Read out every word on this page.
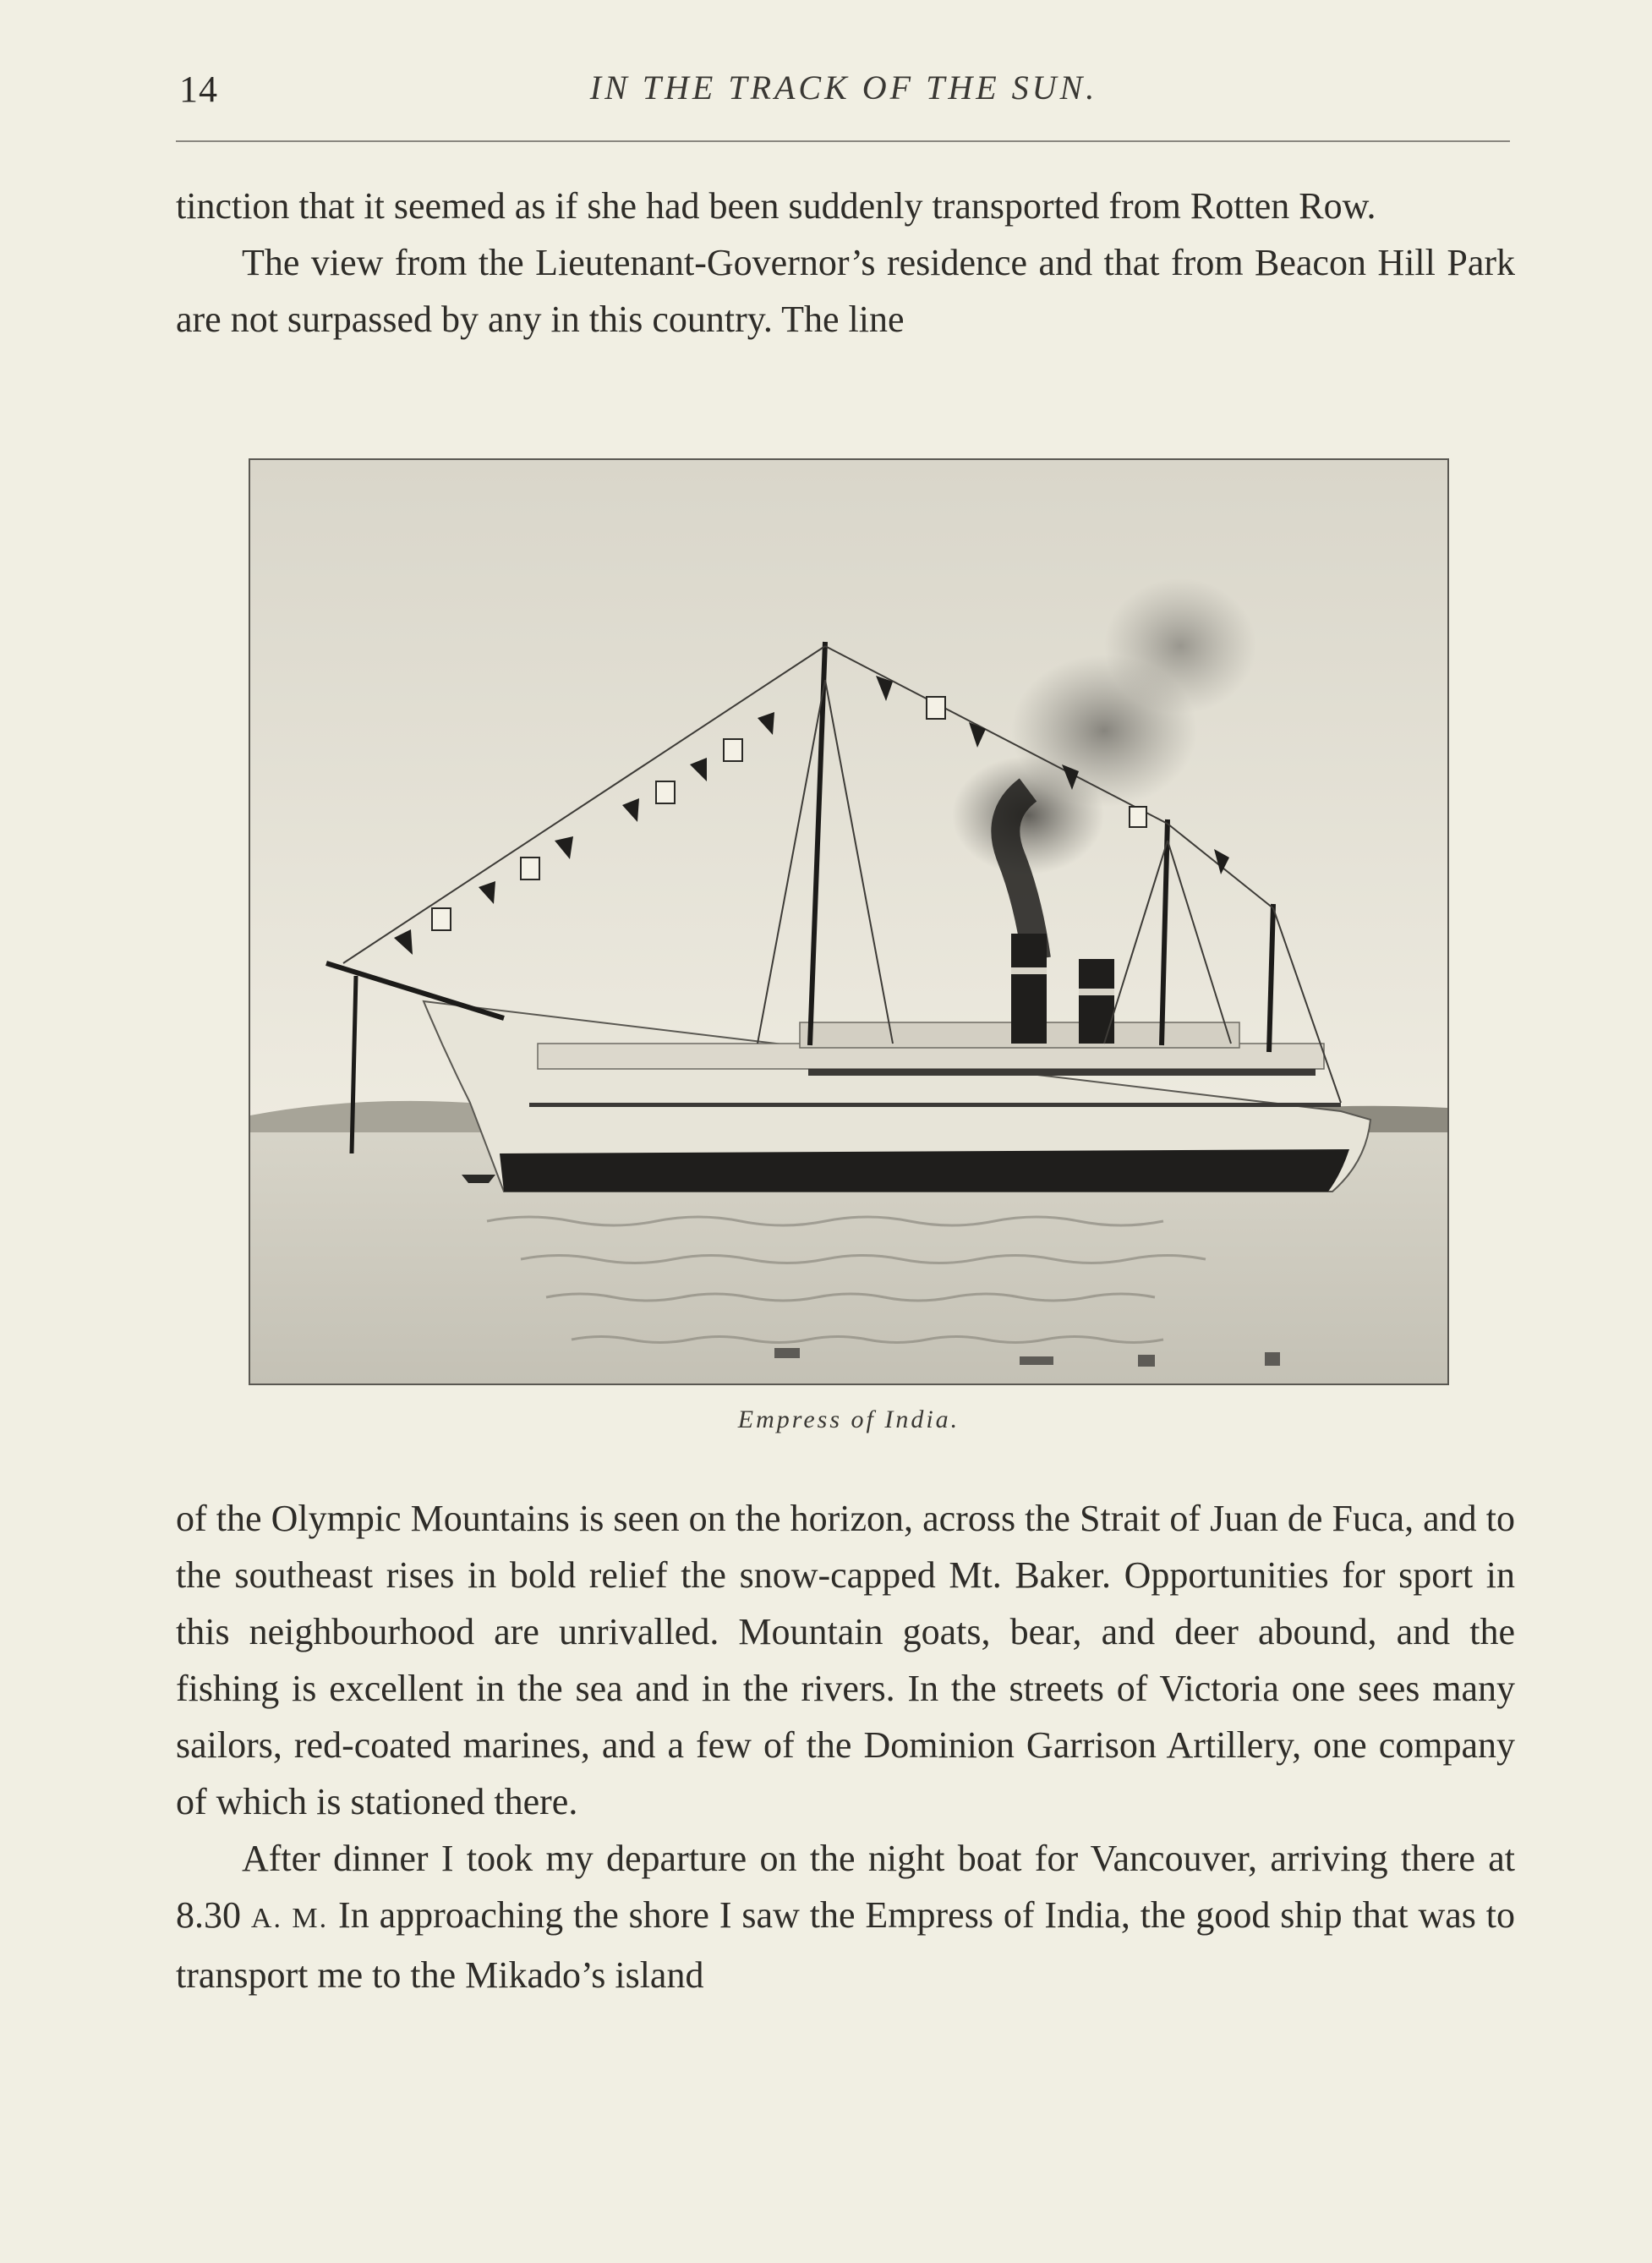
14	IN THE TRACK OF THE SUN.

tinction that it seemed as if she had been suddenly transported from Rotten Row.

The view from the Lieutenant-Governor’s residence and that from Beacon Hill Park are not surpassed by any in this country. The line

Empress of India.

of the Olympic Mountains is seen on the horizon, across the Strait of Juan de Fuca, and to the southeast rises in bold relief the snow-capped Mt. Baker. Opportunities for sport in this neighbourhood are unrivalled. Mountain goats, bear, and deer abound, and the fishing is excellent in the sea and in the rivers. In the streets of Victoria one sees many sailors, red-coated marines, and a few of the Dominion Garrison Artillery, one company of which is stationed there.

After dinner I took my departure on the night boat for Vancouver, arriving there at 8.30 A. M. In approaching the shore I saw the Empress of India, the good ship that was to transport me to the Mikado’s island
